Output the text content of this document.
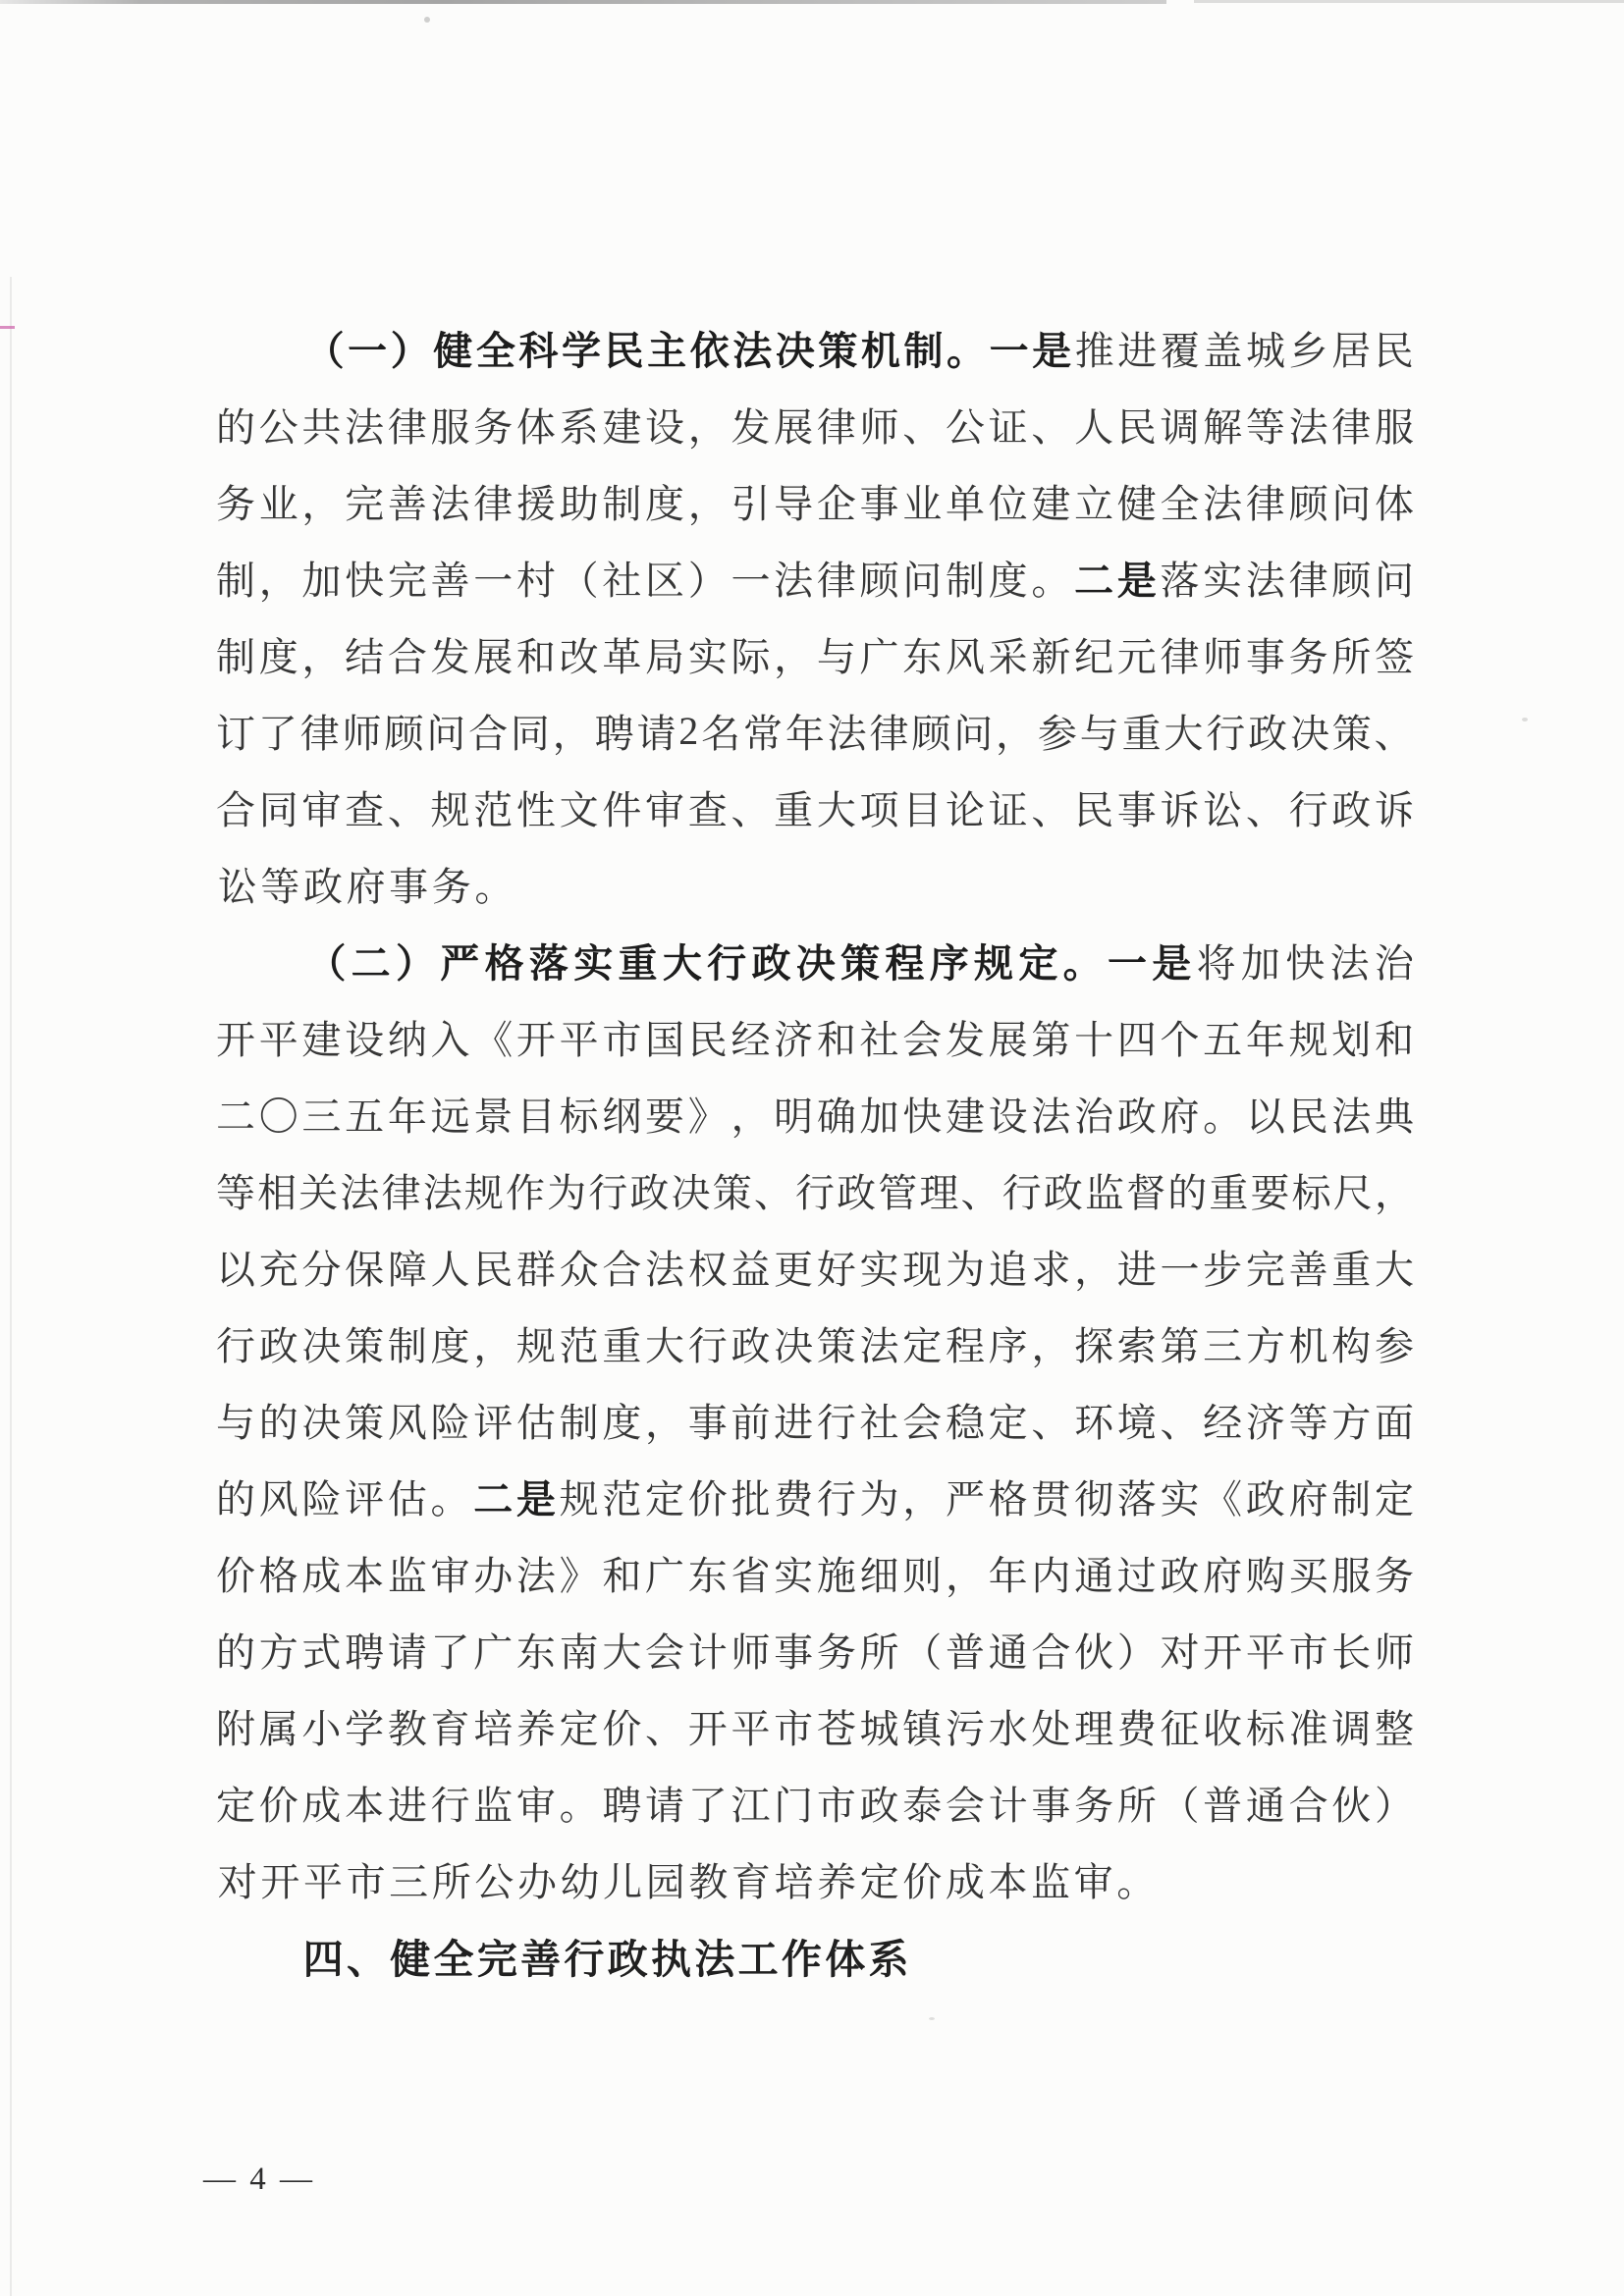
（ 一 ） 健 全 科 学 民 主 依 法 决 策 机 制 。 一 是 推 进 覆 盖 城 乡 居 民
的 公 共 法 律 服 务 体 系 建 设 ， 发 展 律 师 、 公 证 、 人 民 调 解 等 法 律 服
务 业 ， 完 善 法 律 援 助 制 度 ， 引 导 企 事 业 单 位 建 立 健 全 法 律 顾 问 体
制 ， 加 快 完 善 一 村 （ 社 区 ） 一 法 律 顾 问 制 度 。 二 是 落 实 法 律 顾 问
制 度 ， 结 合 发 展 和 改 革 局 实 际 ， 与 广 东 风 采 新 纪 元 律 师 事 务 所 签
订 了 律 师 顾 问 合 同 ， 聘 请 2 名 常 年 法 律 顾 问 ， 参 与 重 大 行 政 决 策 、
合 同 审 查 、 规 范 性 文 件 审 查 、 重 大 项 目 论 证 、 民 事 诉 讼 、 行 政 诉
讼 等 政 府 事 务 。
（ 二 ） 严 格 落 实 重 大 行 政 决 策 程 序 规 定 。 一 是 将 加 快 法 治
开 平 建 设 纳 入 《 开 平 市 国 民 经 济 和 社 会 发 展 第 十 四 个 五 年 规 划 和
二 〇 三 五 年 远 景 目 标 纲 要 》 ， 明 确 加 快 建 设 法 治 政 府 。 以 民 法 典
等 相 关 法 律 法 规 作 为 行 政 决 策 、 行 政 管 理 、 行 政 监 督 的 重 要 标 尺 ，
以 充 分 保 障 人 民 群 众 合 法 权 益 更 好 实 现 为 追 求 ， 进 一 步 完 善 重 大
行 政 决 策 制 度 ， 规 范 重 大 行 政 决 策 法 定 程 序 ， 探 索 第 三 方 机 构 参
与 的 决 策 风 险 评 估 制 度 ， 事 前 进 行 社 会 稳 定 、 环 境 、 经 济 等 方 面
的 风 险 评 估 。 二 是 规 范 定 价 批 费 行 为 ， 严 格 贯 彻 落 实 《 政 府 制 定
价 格 成 本 监 审 办 法 》 和 广 东 省 实 施 细 则 ， 年 内 通 过 政 府 购 买 服 务
的 方 式 聘 请 了 广 东 南 大 会 计 师 事 务 所 （ 普 通 合 伙 ） 对 开 平 市 长 师
附 属 小 学 教 育 培 养 定 价 、 开 平 市 苍 城 镇 污 水 处 理 费 征 收 标 准 调 整
定 价 成 本 进 行 监 审 。 聘 请 了 江 门 市 政 泰 会 计 事 务 所 （ 普 通 合 伙 ）
对 开 平 市 三 所 公 办 幼 儿 园 教 育 培 养 定 价 成 本 监 审 。
四 、 健 全 完 善 行 政 执 法 工 作 体 系
— 4 —
